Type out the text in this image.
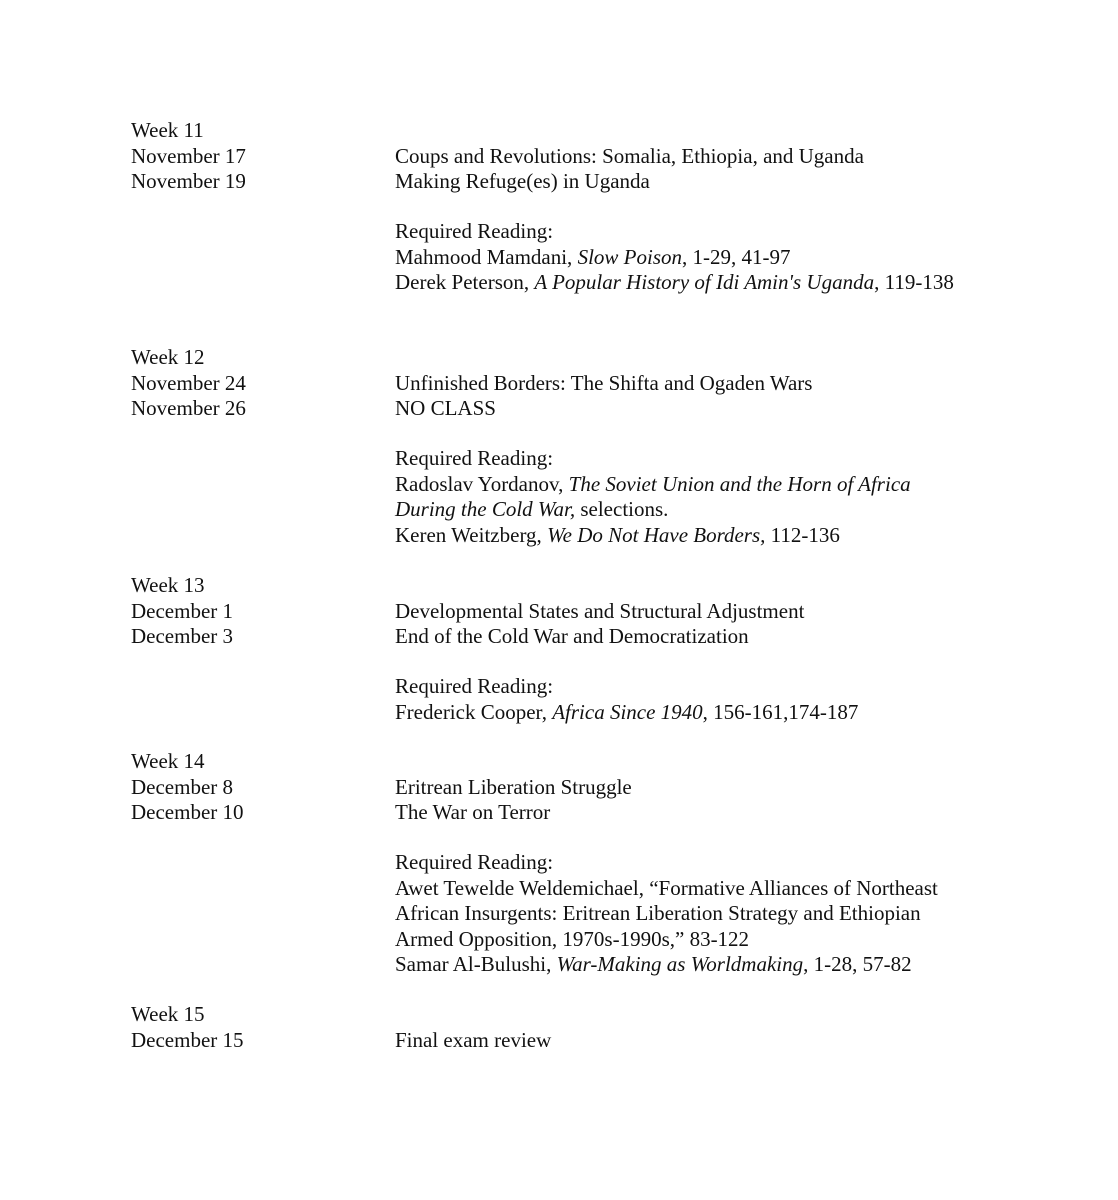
Week 11
November 17	Coups and Revolutions: Somalia, Ethiopia, and Uganda
November 19	Making Refuge(es) in Uganda
Required Reading:
Mahmood Mamdani, Slow Poison, 1-29, 41-97
Derek Peterson, A Popular History of Idi Amin's Uganda, 119-138
Week 12
November 24	Unfinished Borders: The Shifta and Ogaden Wars
November 26	NO CLASS
Required Reading:
Radoslav Yordanov, The Soviet Union and the Horn of Africa
During the Cold War, selections.
Keren Weitzberg, We Do Not Have Borders, 112-136
Week 13
December 1	Developmental States and Structural Adjustment
December 3	End of the Cold War and Democratization
Required Reading:
Frederick Cooper, Africa Since 1940, 156-161,174-187
Week 14
December 8	Eritrean Liberation Struggle
December 10	The War on Terror
Required Reading:
Awet Tewelde Weldemichael, “Formative Alliances of Northeast
African Insurgents: Eritrean Liberation Strategy and Ethiopian
Armed Opposition, 1970s-1990s,” 83-122
Samar Al-Bulushi, War-Making as Worldmaking, 1-28, 57-82
Week 15
December 15	Final exam review
